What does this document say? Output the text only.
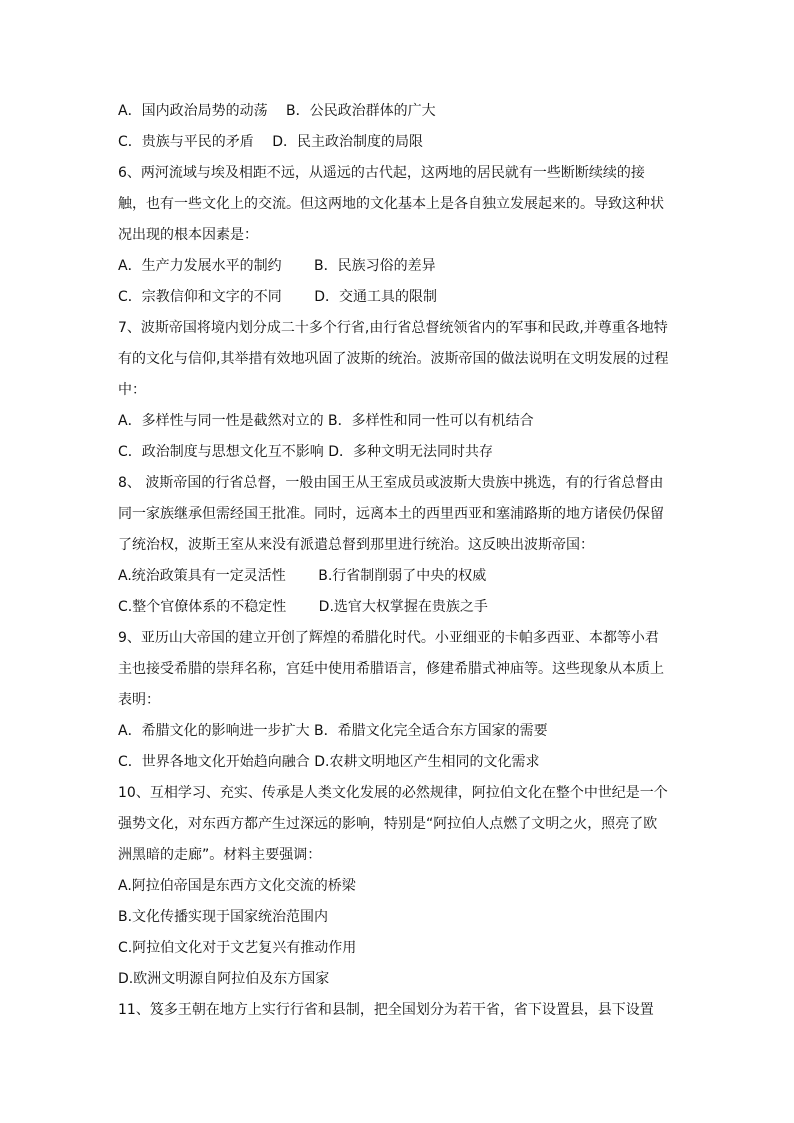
A．国内政治局势的动荡　 B．公民政治群体的广大
C．贵族与平民的矛盾　 D．民主政治制度的局限
6、两河流域与埃及相距不远，从遥远的古代起，这两地的居民就有一些断断续续的接
触，也有一些文化上的交流。但这两地的文化基本上是各自独立发展起来的。导致这种状
况出现的根本因素是：
A．生产力发展水平的制约　　 B．民族习俗的差异
C．宗教信仰和文字的不同　　 D．交通工具的限制
7、波斯帝国将境内划分成二十多个行省,由行省总督统领省内的军事和民政,并尊重各地特
有的文化与信仰,其举措有效地巩固了波斯的统治。波斯帝国的做法说明在文明发展的过程
中：
A．多样性与同一性是截然对立的 B．多样性和同一性可以有机结合
C．政治制度与思想文化互不影响 D．多种文明无法同时共存
8、 波斯帝国的行省总督，一般由国王从王室成员或波斯大贵族中挑选，有的行省总督由
同一家族继承但需经国王批准。同时，远离本土的西里西亚和塞浦路斯的地方诸侯仍保留
了统治权，波斯王室从来没有派遣总督到那里进行统治。这反映出波斯帝国：
A.统治政策具有一定灵活性　　 B.行省制削弱了中央的权威
C.整个官僚体系的不稳定性　　 D.选官大权掌握在贵族之手
9、亚历山大帝国的建立开创了辉煌的希腊化时代。小亚细亚的卡帕多西亚、本都等小君
主也接受希腊的崇拜名称，宫廷中使用希腊语言，修建希腊式神庙等。这些现象从本质上
表明：
A．希腊文化的影响进一步扩大 B．希腊文化完全适合东方国家的需要
C．世界各地文化开始趋向融合 D.农耕文明地区产生相同的文化需求
10、互相学习、充实、传承是人类文化发展的必然规律，阿拉伯文化在整个中世纪是一个
强势文化，对东西方都产生过深远的影响，特别是“阿拉伯人点燃了文明之火，照亮了欧
洲黑暗的走廊”。材料主要强调：
A.阿拉伯帝国是东西方文化交流的桥梁
B.文化传播实现于国家统治范围内
C.阿拉伯文化对于文艺复兴有推动作用
D.欧洲文明源自阿拉伯及东方国家
11、笈多王朝在地方上实行行省和县制，把全国划分为若干省，省下设置县，县下设置
